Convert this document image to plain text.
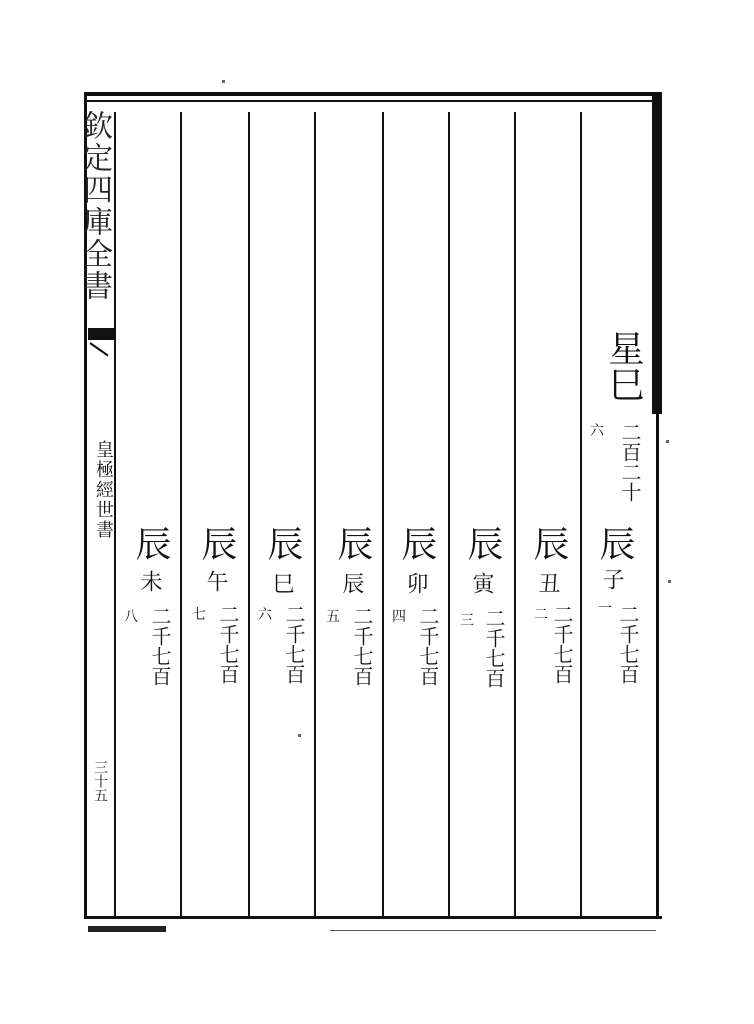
欽定四庫全書
皇極經世書
三十五
星巳
六 二百二十
辰
子
一 二千七百
辰
丑
二 二千七百
辰
寅
三 二千七百
辰
卯
四 二千七百
辰
辰
五 二千七百
辰
巳
六 二千七百
辰
午
七 二千七百
辰
未
八 二千七百
